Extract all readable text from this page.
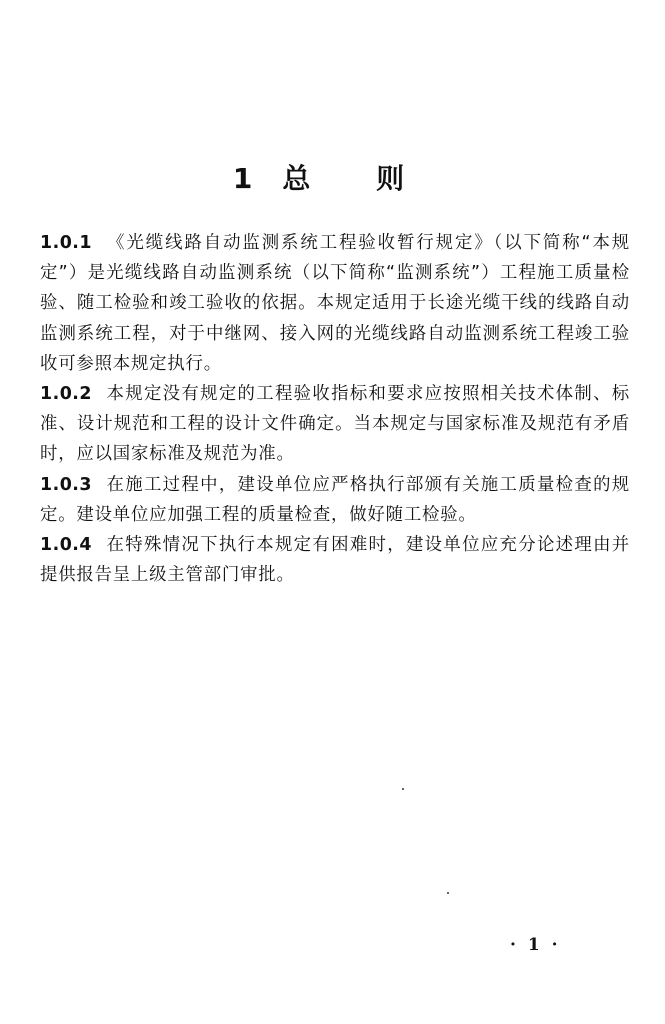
1 总 则

1.0.1 《光缆线路自动监测系统工程验收暂行规定》（以下简称“本规定”）是光缆线路自动监测系统（以下简称“监测系统”）工程施工质量检验、随工检验和竣工验收的依据。本规定适用于长途光缆干线的线路自动监测系统工程，对于中继网、接入网的光缆线路自动监测系统工程竣工验收可参照本规定执行。

1.0.2 本规定没有规定的工程验收指标和要求应按照相关技术体制、标准、设计规范和工程的设计文件确定。当本规定与国家标准及规范有矛盾时，应以国家标准及规范为准。

1.0.3 在施工过程中，建设单位应严格执行部颁有关施工质量检查的规定。建设单位应加强工程的质量检查，做好随工检验。

1.0.4 在特殊情况下执行本规定有困难时，建设单位应充分论述理由并提供报告呈上级主管部门审批。

· 1 ·
